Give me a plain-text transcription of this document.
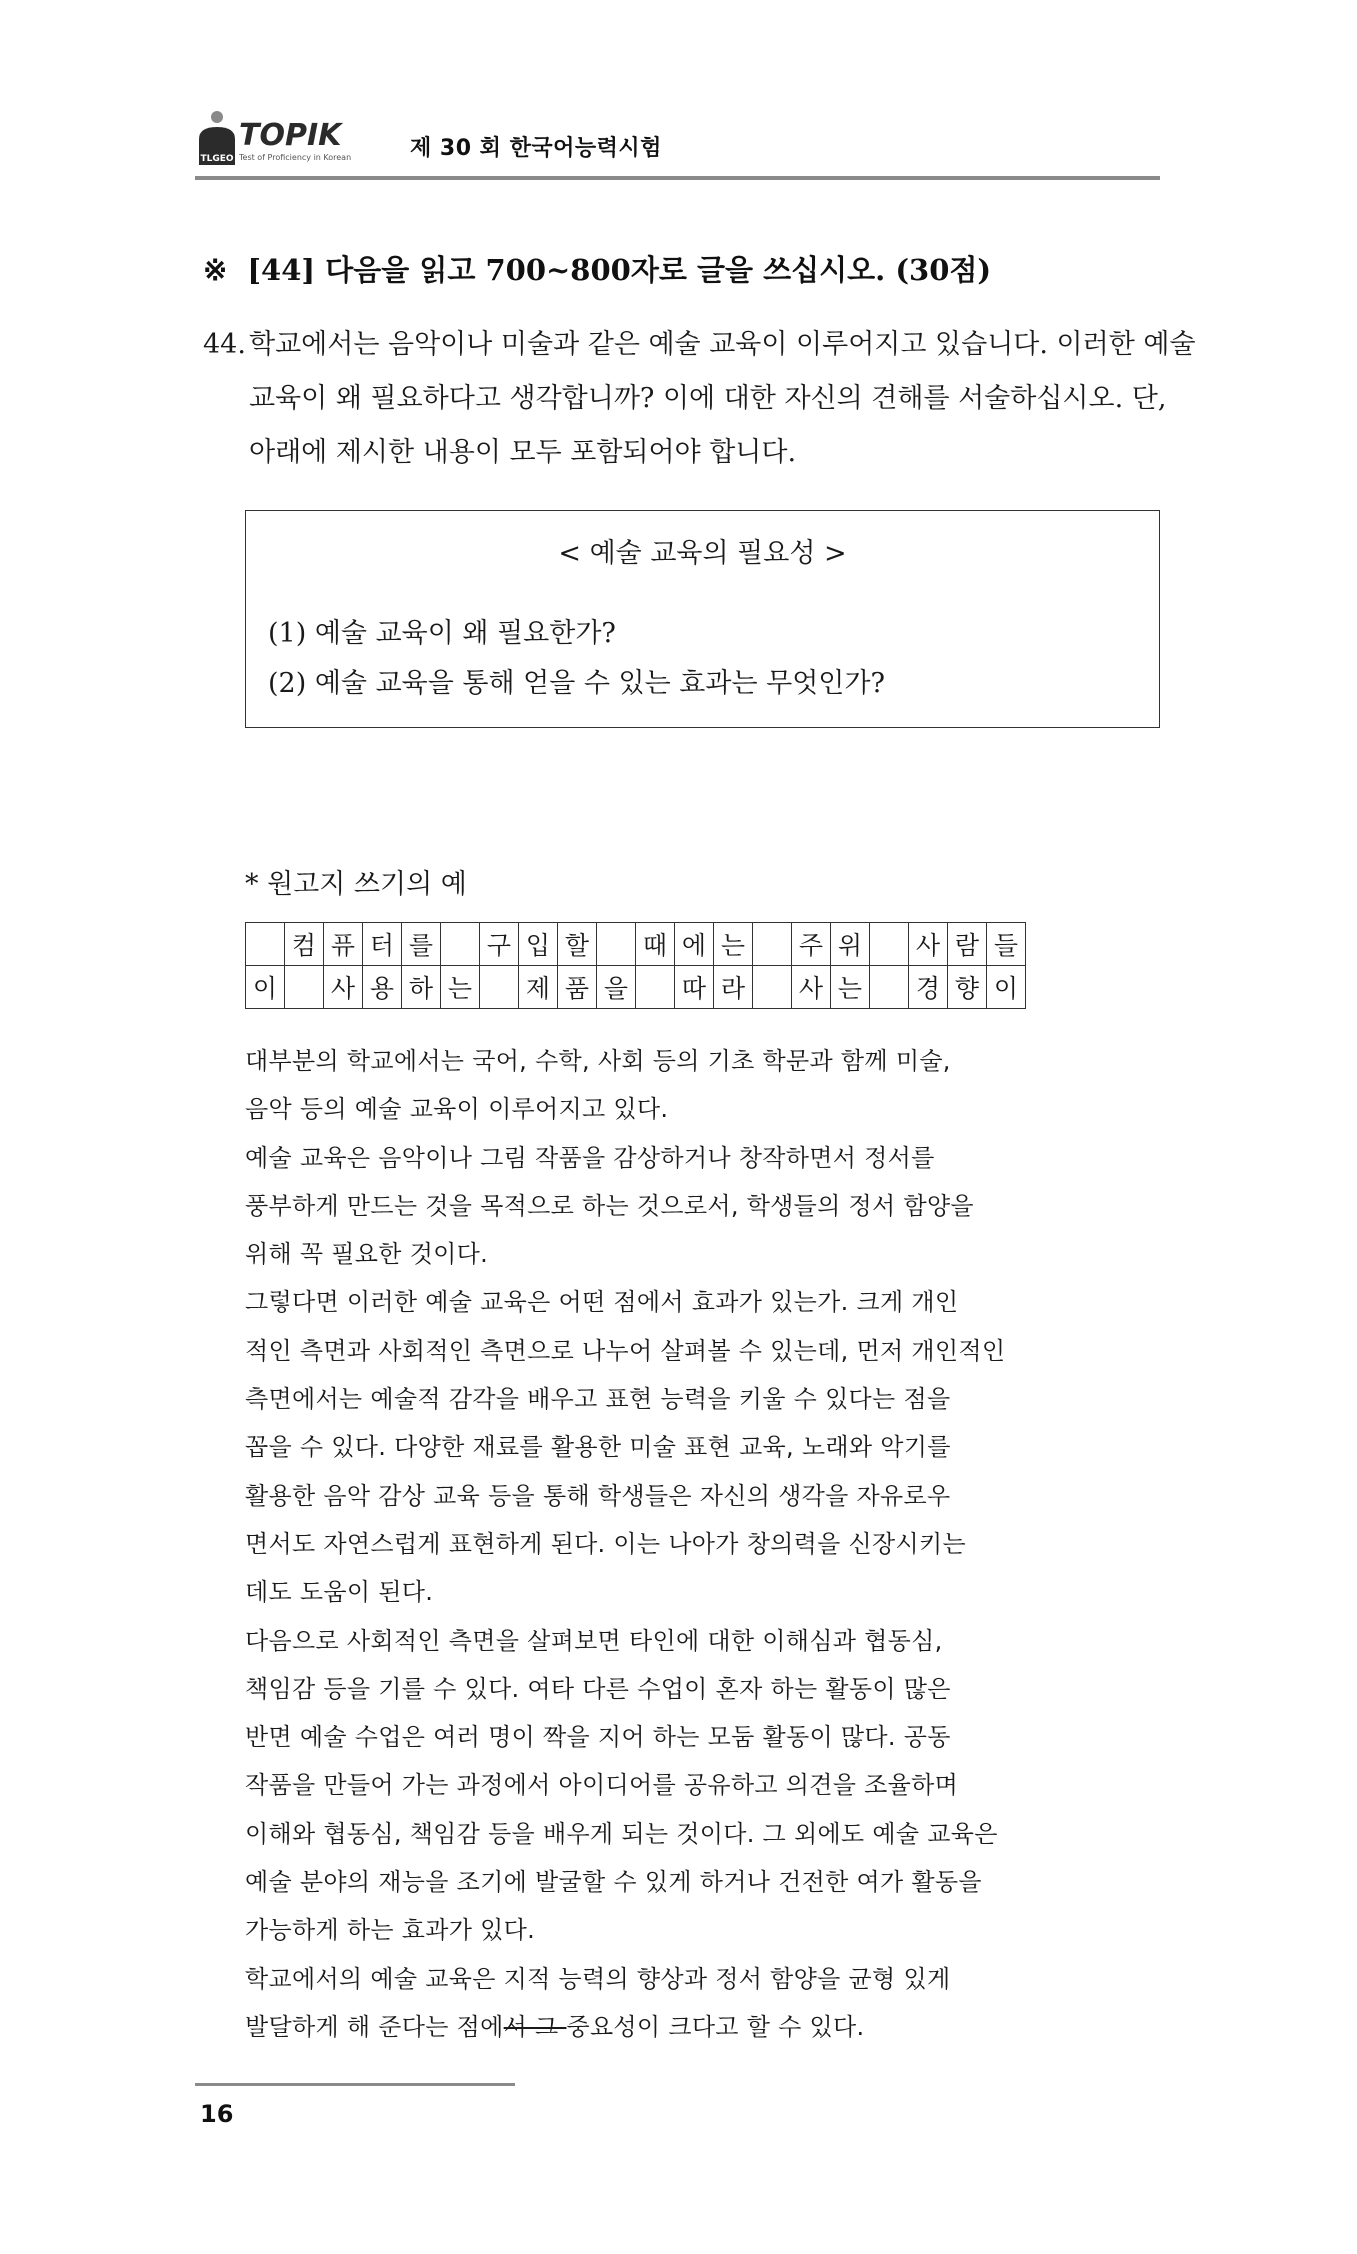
TLGEO
TOPIK
Test of Proficiency in Korean	제 30 회 한국어능력시험
※ [44] 다음을 읽고 700~800자로 글을 쓰십시오. (30점)
44. 학교에서는 음악이나 미술과 같은 예술 교육이 이루어지고 있습니다. 이러한 예술
교육이 왜 필요하다고 생각합니까? 이에 대한 자신의 견해를 서술하십시오. 단,
아래에 제시한 내용이 모두 포함되어야 합니다.
< 예술 교육의 필요성 >
(1) 예술 교육이 왜 필요한가?
(2) 예술 교육을 통해 얻을 수 있는 효과는 무엇인가?
* 원고지 쓰기의 예
	컴	퓨	터	를		구	입	할		때	에	는		주	위		사	람	들
이		사	용	하	는		제	품	을		따	라		사	는		경	향	이
대부분의 학교에서는 국어, 수학, 사회 등의 기초 학문과 함께 미술,
음악 등의 예술 교육이 이루어지고 있다.
예술 교육은 음악이나 그림 작품을 감상하거나 창작하면서 정서를
풍부하게 만드는 것을 목적으로 하는 것으로서, 학생들의 정서 함양을
위해 꼭 필요한 것이다.
그렇다면 이러한 예술 교육은 어떤 점에서 효과가 있는가. 크게 개인
적인 측면과 사회적인 측면으로 나누어 살펴볼 수 있는데, 먼저 개인적인
측면에서는 예술적 감각을 배우고 표현 능력을 키울 수 있다는 점을
꼽을 수 있다. 다양한 재료를 활용한 미술 표현 교육, 노래와 악기를
활용한 음악 감상 교육 등을 통해 학생들은 자신의 생각을 자유로우
면서도 자연스럽게 표현하게 된다. 이는 나아가 창의력을 신장시키는
데도 도움이 된다.
다음으로 사회적인 측면을 살펴보면 타인에 대한 이해심과 협동심,
책임감 등을 기를 수 있다. 여타 다른 수업이 혼자 하는 활동이 많은
반면 예술 수업은 여러 명이 짝을 지어 하는 모둠 활동이 많다. 공동
작품을 만들어 가는 과정에서 아이디어를 공유하고 의견을 조율하며
이해와 협동심, 책임감 등을 배우게 되는 것이다. 그 외에도 예술 교육은
예술 분야의 재능을 조기에 발굴할 수 있게 하거나 건전한 여가 활동을
가능하게 하는 효과가 있다.
학교에서의 예술 교육은 지적 능력의 향상과 정서 함양을 균형 있게
발달하게 해 준다는 점에서 그 중요성이 크다고 할 수 있다.
16
